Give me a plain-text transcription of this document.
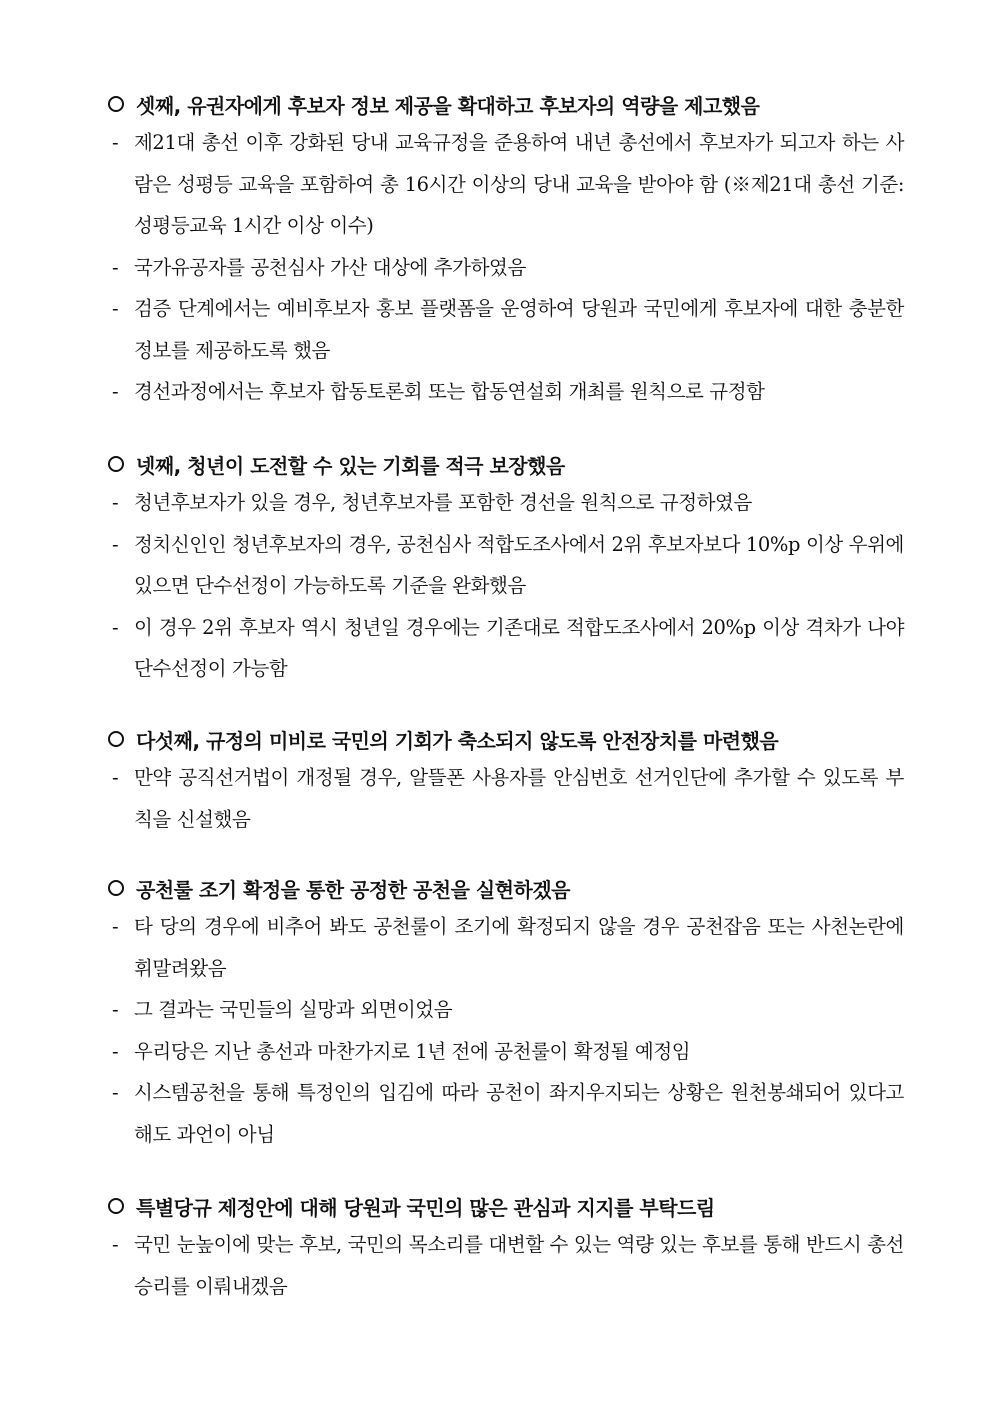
셋째, 유권자에게 후보자 정보 제공을 확대하고 후보자의 역량을 제고했음
- 제21대 총선 이후 강화된 당내 교육규정을 준용하여 내년 총선에서 후보자가 되고자 하는 사람은 성평등 교육을 포함하여 총 16시간 이상의 당내 교육을 받아야 함 (※제21대 총선 기준: 성평등교육 1시간 이상 이수)
- 국가유공자를 공천심사 가산 대상에 추가하였음
- 검증 단계에서는 예비후보자 홍보 플랫폼을 운영하여 당원과 국민에게 후보자에 대한 충분한 정보를 제공하도록 했음
- 경선과정에서는 후보자 합동토론회 또는 합동연설회 개최를 원칙으로 규정함
넷째, 청년이 도전할 수 있는 기회를 적극 보장했음
- 청년후보자가 있을 경우, 청년후보자를 포함한 경선을 원칙으로 규정하였음
- 정치신인인 청년후보자의 경우, 공천심사 적합도조사에서 2위 후보자보다 10%p 이상 우위에 있으면 단수선정이 가능하도록 기준을 완화했음
- 이 경우 2위 후보자 역시 청년일 경우에는 기존대로 적합도조사에서 20%p 이상 격차가 나야 단수선정이 가능함
다섯째, 규정의 미비로 국민의 기회가 축소되지 않도록 안전장치를 마련했음
- 만약 공직선거법이 개정될 경우, 알뜰폰 사용자를 안심번호 선거인단에 추가할 수 있도록 부칙을 신설했음
공천룰 조기 확정을 통한 공정한 공천을 실현하겠음
- 타 당의 경우에 비추어 봐도 공천룰이 조기에 확정되지 않을 경우 공천잡음 또는 사천논란에 휘말려왔음
- 그 결과는 국민들의 실망과 외면이었음
- 우리당은 지난 총선과 마찬가지로 1년 전에 공천룰이 확정될 예정임
- 시스템공천을 통해 특정인의 입김에 따라 공천이 좌지우지되는 상황은 원천봉쇄되어 있다고 해도 과언이 아님
특별당규 제정안에 대해 당원과 국민의 많은 관심과 지지를 부탁드림
- 국민 눈높이에 맞는 후보, 국민의 목소리를 대변할 수 있는 역량 있는 후보를 통해 반드시 총선 승리를 이뤄내겠음
